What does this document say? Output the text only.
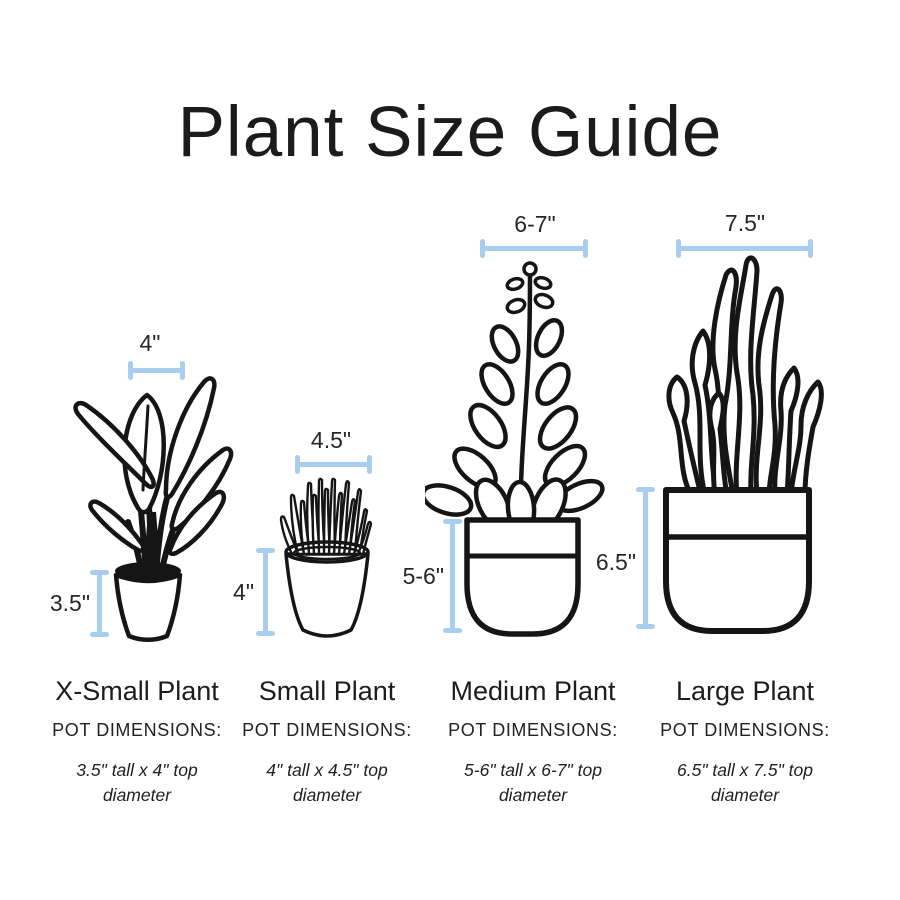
Plant Size Guide
4"
3.5"
4.5"
4"
6-7"
5-6"
7.5"
6.5"
X-Small Plant
POT DIMENSIONS:
3.5" tall x 4" top
diameter
Small Plant
POT DIMENSIONS:
4" tall x 4.5" top
diameter
Medium Plant
POT DIMENSIONS:
5-6" tall x 6-7" top
diameter
Large Plant
POT DIMENSIONS:
6.5" tall x 7.5" top
diameter
